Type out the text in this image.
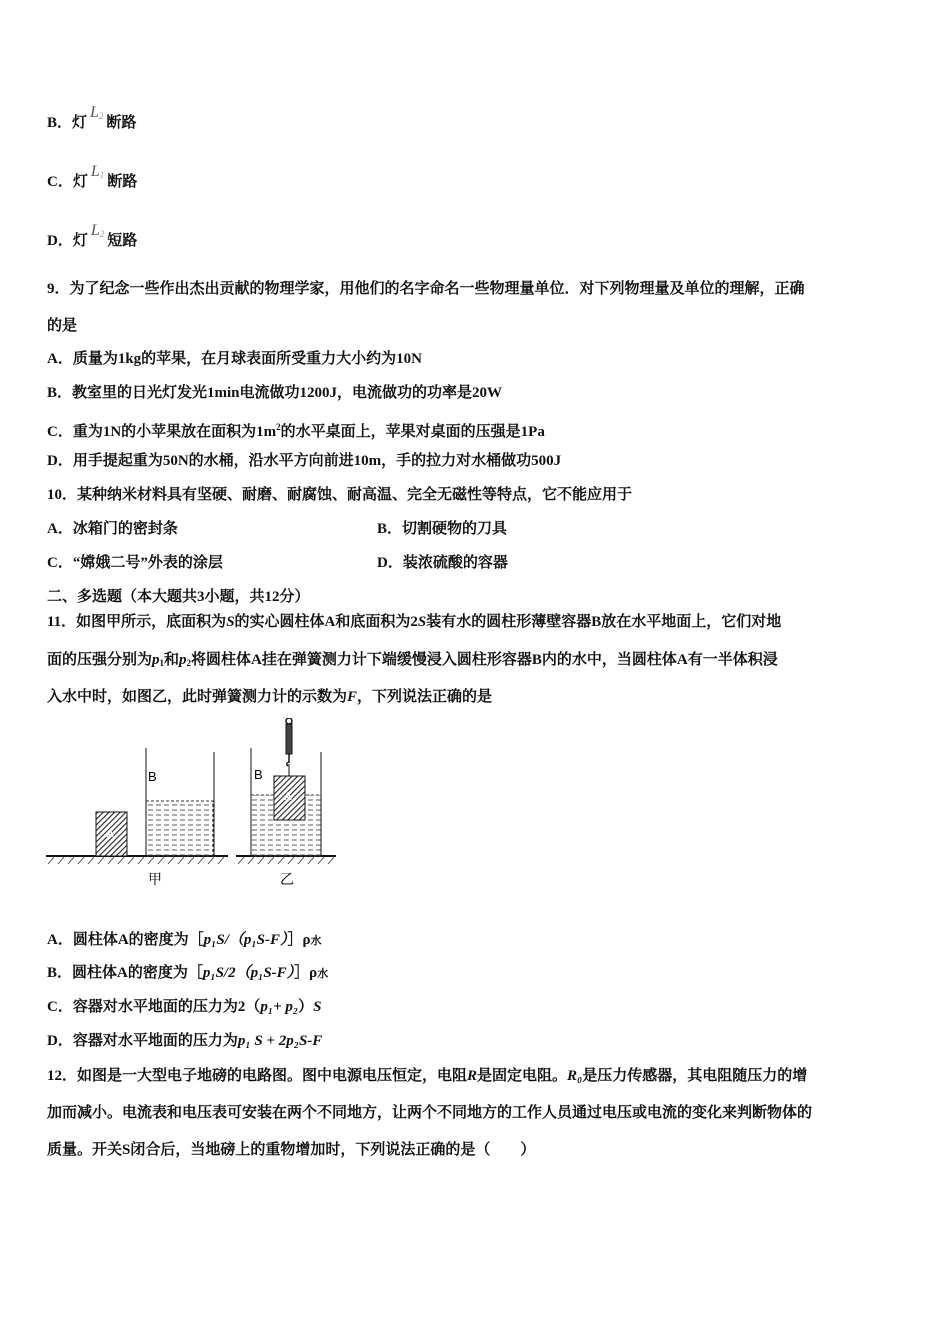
B．灯$L_2$ 断路
C．灯$L_1$ 断路
D．灯$L_2$ 短路
9．为了纪念一些作出杰出贡献的物理学家，用他们的名字命名一些物理量单位．对下列物理量及单位的理解，正确
的是
A．质量为1kg的苹果，在月球表面所受重力大小约为10N
B．教室里的日光灯发光1min电流做功1200J，电流做功的功率是20W
C．重为1N的小苹果放在面积为$1m^2$的水平桌面上，苹果对桌面的压强是1Pa
D．用手提起重为50N的水桶，沿水平方向前进10m，手的拉力对水桶做功500J
10．某种纳米材料具有坚硬、耐磨、耐腐蚀、耐高温、完全无磁性等特点，它不能应用于
A．冰箱门的密封条	B．切割硬物的刀具
C．“嫦娥二号”外表的涂层	D．装浓硫酸的容器
二、多选题（本大题共3小题，共12分）
11．如图甲所示，底面积为S的实心圆柱体A和底面积为2S装有水的圆柱形薄壁容器B放在水平地面上，它们对地
面的压强分别为$p_1$和$p_2$将圆柱体A挂在弹簧测力计下端缓慢浸入圆柱形容器B内的水中，当圆柱体A有一半体积浸
入水中时，如图乙，此时弹簧测力计的示数为F，下列说法正确的是
A
B
甲
A
B
乙
A．圆柱体A的密度为［p₁S/（p₁S-F）］ρ水
B．圆柱体A的密度为［p₁S/2（p₁S-F）］ρ水
C．容器对水平地面的压力为2（p₁+ p₂）S
D．容器对水平地面的压力为p₁ S + 2p₂S-F
12．如图是一大型电子地磅的电路图。图中电源电压恒定，电阻R是固定电阻。R₀是压力传感器，其电阻随压力的增
加而减小。电流表和电压表可安装在两个不同地方，让两个不同地方的工作人员通过电压或电流的变化来判断物体的
质量。开关S闭合后，当地磅上的重物增加时，下列说法正确的是（　　）
